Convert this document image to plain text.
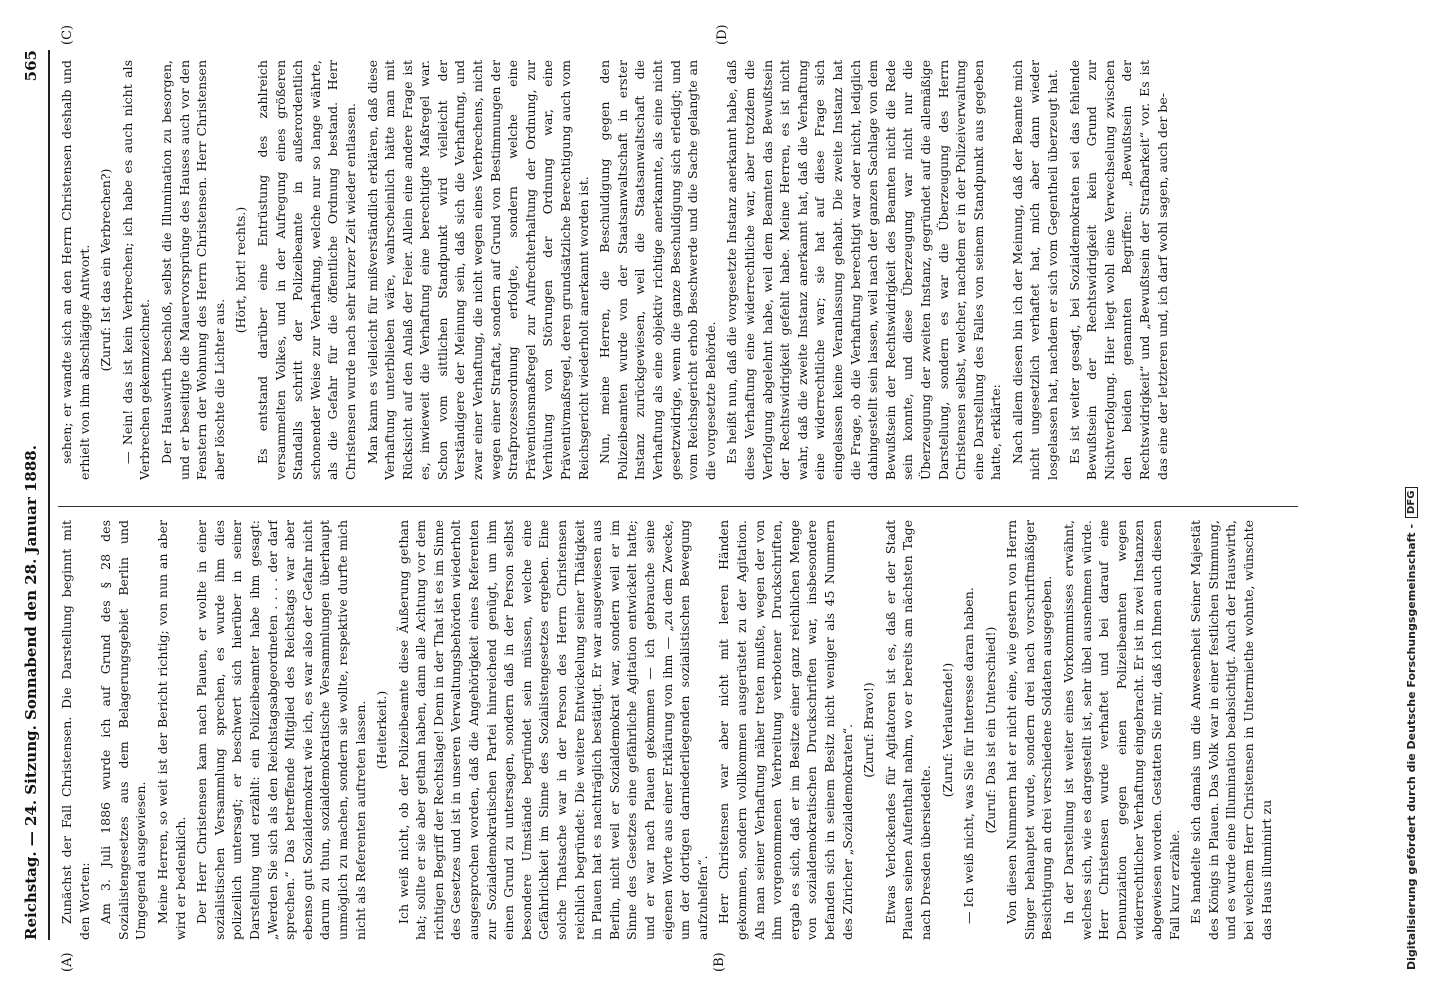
Reichstag. — 24. Sitzung. Sonnabend den 28. Januar 1888.
565
(A)	(B)
(C)	(D)

Zunächst der Fall Christensen. Die Darstellung beginnt mit den Worten: Am 3. Juli 1886 wurde ich auf Grund des § 28 des Sozialistengesetzes aus dem Belagerungsgebiet Berlin und Umgegend ausgewiesen. Meine Herren, so weit ist der Bericht richtig; von nun an aber wird er bedenklich. Der Herr Christensen kam nach Plauen, er wollte in einer sozialistischen Versammlung sprechen, es wurde ihm dies polizeilich untersagt; er beschwert sich hierüber in seiner Darstellung und erzählt: ein Polizeibeamter habe ihm gesagt: „Werden Sie sich als den Reichstagsabgeordneten . . . . der darf sprechen.“ Das betreffende Mitglied des Reichstags war aber ebenso gut Sozialdemokrat wie ich, es war also der Gefahr nicht darum zu thun, sozialdemokratische Versammlungen überhaupt unmöglich zu machen, sondern sie wollte, respektive durfte mich nicht als Referenten auftreten lassen. (Heiterkeit.) Ich weiß nicht, ob der Polizeibeamte diese Äußerung gethan hat; sollte er sie aber gethan haben, dann alle Achtung vor dem richtigen Begriff der Rechtslage! Denn in der That ist es im Sinne des Gesetzes und ist in unseren Verwaltungsbehörden wiederholt ausgesprochen worden, daß die Angehörigkeit eines Referenten zur Sozialdemokratischen Partei hinreichend genügt, um ihm einen Grund zu untersagen, sondern daß in der Person selbst besondere Umstände begründet sein müssen, welche eine Gefährlichkeit im Sinne des Sozialistengesetzes ergeben. Eine solche Thatsache war in der Person des Herrn Christensen reichlich begründet: Die weitere Entwickelung seiner Thätigkeit in Plauen hat es nachträglich bestätigt. Er war ausgewiesen aus Berlin, nicht weil er Sozialdemokrat war, sondern weil er im Sinne des Gesetzes eine gefährliche Agitation entwickelt hatte; und er war nach Plauen gekommen — ich gebrauche seine eigenen Worte aus einer Erklärung von ihm — „zu dem Zwecke, um der dortigen darniederliegenden sozialistischen Bewegung aufzuhelfen“. Herr Christensen war aber nicht mit leeren Händen gekommen, sondern vollkommen ausgerüstet zu der Agitation. Als man seiner Verhaftung näher treten mußte, wegen der von ihm vorgenommenen Verbreitung verbotener Druckschriften, ergab es sich, daß er im Besitze einer ganz reichlichen Menge von sozialdemokratischen Druckschriften war, insbesondere befanden sich in seinem Besitz nicht weniger als 45 Nummern des Züricher „Sozialdemokraten“. (Zuruf: Bravo!) Etwas Verlockendes für Agitatoren ist es, daß er der Stadt Plauen seinen Aufenthalt nahm, wo er bereits am nächsten Tage nach Dresden übersiedelte.

(Zuruf: Verlaufende!) — Ich weiß nicht, was Sie für Interesse daran haben. (Zuruf: Das ist ein Unterschied!) Von diesen Nummern hat er nicht eine, wie gestern von Herrn Singer behauptet wurde, sondern drei nach vorschriftmäßiger Besichtigung an drei verschiedene Soldaten ausgegeben. In der Darstellung ist weiter eines Vorkommnisses erwähnt, welches sich, wie es dargestellt ist, sehr übel ausnehmen würde. Herr Christensen wurde verhaftet und bei darauf eine Denunziation gegen einen Polizeibeamten wegen widerrechtlicher Verhaftung eingebracht. Er ist in zwei Instanzen abgewiesen worden. Gestatten Sie mir, daß ich Ihnen auch diesen Fall kurz erzähle. Es handelte sich damals um die Anwesenheit Seiner Majestät des Königs in Plauen. Das Volk war in einer festlichen Stimmung, und es wurde eine Illumination beabsichtigt. Auch der Hauswirth, bei welchem Herr Christensen in Untermiethe wohnte, wünschte das Haus illuminirt zu

sehen; er wandte sich an den Herrn Christensen deshalb und erhielt von ihm abschlägige Antwort. (Zuruf: Ist das ein Verbrechen?) — Nein! das ist kein Verbrechen; ich habe es auch nicht als Verbrechen gekennzeichnet. Der Hauswirth beschloß, selbst die Illumination zu besorgen, und er beseitigte die Mauervorsprünge des Hauses auch vor den Fenstern der Wohnung des Herrn Christensen. Herr Christensen aber löschte die Lichter aus.

(Hört, hört! rechts.) Es entstand darüber eine Entrüstung des zahlreich versammelten Volkes, und in der Aufregung eines größeren Standalls schritt der Polizeibeamte in außerordentlich schonender Weise zur Verhaftung, welche nur so lange währte, als die Gefahr für die öffentliche Ordnung bestand. Herr Christensen wurde nach sehr kurzer Zeit wieder entlassen. Man kann es vielleicht für mißverständlich erklären, daß diese Verhaftung unterblieben wäre, wahrscheinlich hätte man mit Rücksicht auf den Anlaß der Feier. Allein eine andere Frage ist es, inwieweit die Verhaftung eine berechtigte Maßregel war. Schon vom sittlichen Standpunkt wird vielleicht der Verständigere der Meinung sein, daß sich die Verhaftung, und zwar einer Verhaftung, die nicht wegen eines Verbrechens, nicht wegen einer Straftat, sondern auf Grund von Bestimmungen der Strafprozessordnung erfolgte, sondern welche eine Präventionsmaßregel zur Aufrechterhaltung der Ordnung, zur Verhütung von Störungen der Ordnung war, eine Präventivmaßregel, deren grundsätzliche Berechtigung auch vom Reichsgericht wiederholt anerkannt worden ist. Nun, meine Herren, die Beschuldigung gegen den Polizeibeamten wurde von der Staatsanwaltschaft in erster Instanz zurückgewiesen, weil die Staatsanwaltschaft die Verhaftung als eine objektiv richtige anerkannte, als eine nicht gesetzwidrige, wenn die ganze Beschuldigung sich erledigt; und vom Reichsgericht erhob Beschwerde und die Sache gelangte an die vorgesetzte Behörde. Es heißt nun, daß die vorgesetzte Instanz anerkannt habe, daß diese Verhaftung eine widerrechtliche war, aber trotzdem die Verfolgung abgelehnt habe, weil dem Beamten das Bewußtsein der Rechtswidrigkeit gefehlt habe. Meine Herren, es ist nicht wahr, daß die zweite Instanz anerkannt hat, daß die Verhaftung eine widerrechtliche war; sie hat auf diese Frage sich eingelassen keine Veranlassung gehabt. Die zweite Instanz hat die Frage, ob die Verhaftung berechtigt war oder nicht, lediglich dahingestellt sein lassen, weil nach der ganzen Sachlage von dem Bewußtsein der Rechtswidrigkeit des Beamten nicht die Rede sein konnte, und diese Überzeugung war nicht nur die Überzeugung der zweiten Instanz, gegründet auf die allemäßige Darstellung, sondern es war die Überzeugung des Herrn Christensen selbst, welcher, nachdem er in der Polizeiverwaltung eine Darstellung des Falles von seinem Standpunkt aus gegeben hatte, erklärte: Nach allem diesen bin ich der Meinung, daß der Beamte mich nicht ungesetzlich verhaftet hat, mich aber dann wieder losgelassen hat, nachdem er sich vom Gegentheil überzeugt hat. Es ist weiter gesagt, bei Sozialdemokraten sei das fehlende Bewußtsein der Rechtswidrigkeit kein Grund zur Nichtverfolgung. Hier liegt wohl eine Verwechselung zwischen den beiden genannten Begriffen: „Bewußtsein der Rechtswidrigkeit“ und „Bewußtsein der Strafbarkeit“ vor. Es ist das eine der letzteren und, ich darf wohl sagen, auch der be-

Digitalisierung gefördert durch die Deutsche Forschungsgemeinschaft -
DFG
